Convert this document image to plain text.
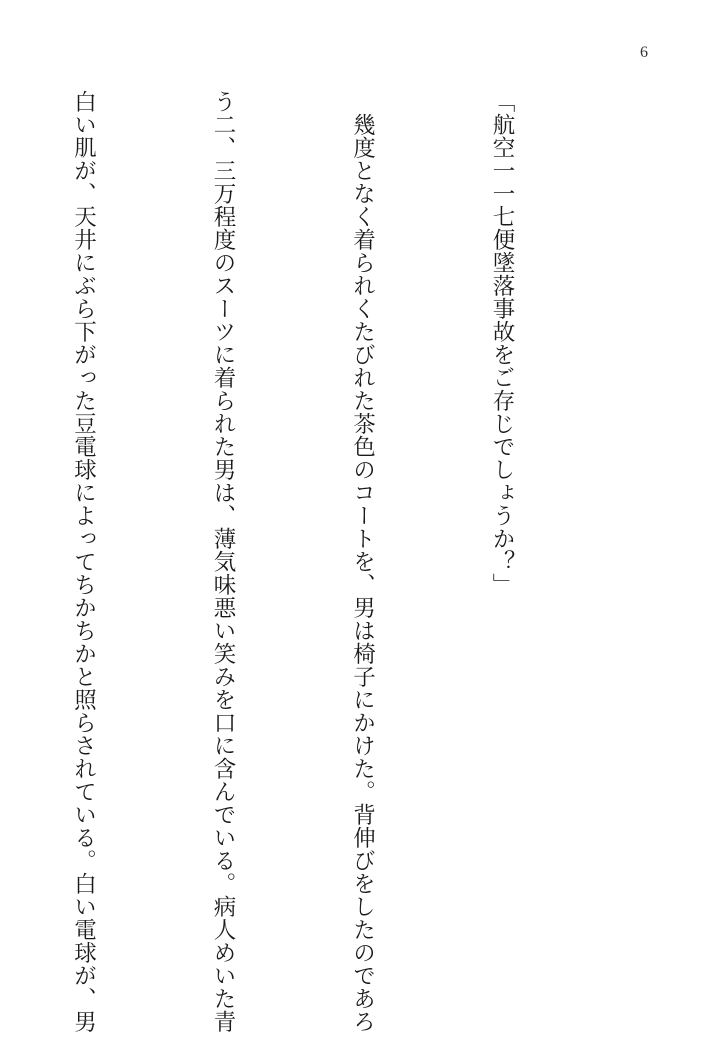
6

「航空一一七便墜落事故をご存じでしょうか？」

　幾度となく着られくたびれた茶色のコートを、男は椅子にかけた。背伸びをしたのであろ

う二、三万程度のスーツに着られた男は、薄気味悪い笑みを口に含んでいる。病人めいた青

白い肌が、天井にぶら下がった豆電球によってちかちかと照らされている。白い電球が、男
